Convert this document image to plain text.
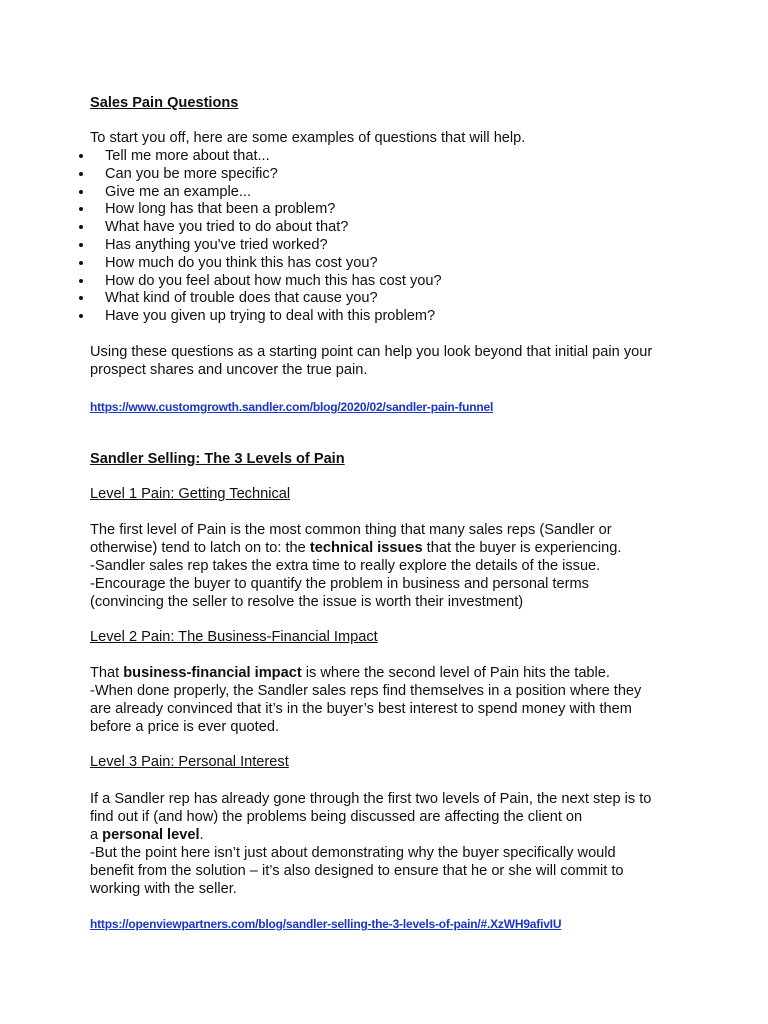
Sales Pain Questions
To start you off, here are some examples of questions that will help.
Tell me more about that...
Can you be more specific?
Give me an example...
How long has that been a problem?
What have you tried to do about that?
Has anything you've tried worked?
How much do you think this has cost you?
How do you feel about how much this has cost you?
What kind of trouble does that cause you?
Have you given up trying to deal with this problem?
Using these questions as a starting point can help you look beyond that initial pain your
prospect shares and uncover the true pain.
https://www.customgrowth.sandler.com/blog/2020/02/sandler-pain-funnel
Sandler Selling: The 3 Levels of Pain
Level 1 Pain: Getting Technical
The first level of Pain is the most common thing that many sales reps (Sandler or
otherwise) tend to latch on to: the technical issues that the buyer is experiencing.
-Sandler sales rep takes the extra time to really explore the details of the issue.
-Encourage the buyer to quantify the problem in business and personal terms
(convincing the seller to resolve the issue is worth their investment)
Level 2 Pain: The Business-Financial Impact
That business-financial impact is where the second level of Pain hits the table.
-When done properly, the Sandler sales reps find themselves in a position where they
are already convinced that it’s in the buyer’s best interest to spend money with them
before a price is ever quoted.
Level 3 Pain: Personal Interest
If a Sandler rep has already gone through the first two levels of Pain, the next step is to
find out if (and how) the problems being discussed are affecting the client on
a personal level.
-But the point here isn’t just about demonstrating why the buyer specifically would
benefit from the solution – it’s also designed to ensure that he or she will commit to
working with the seller.
https://openviewpartners.com/blog/sandler-selling-the-3-levels-of-pain/#.XzWH9afivIU
